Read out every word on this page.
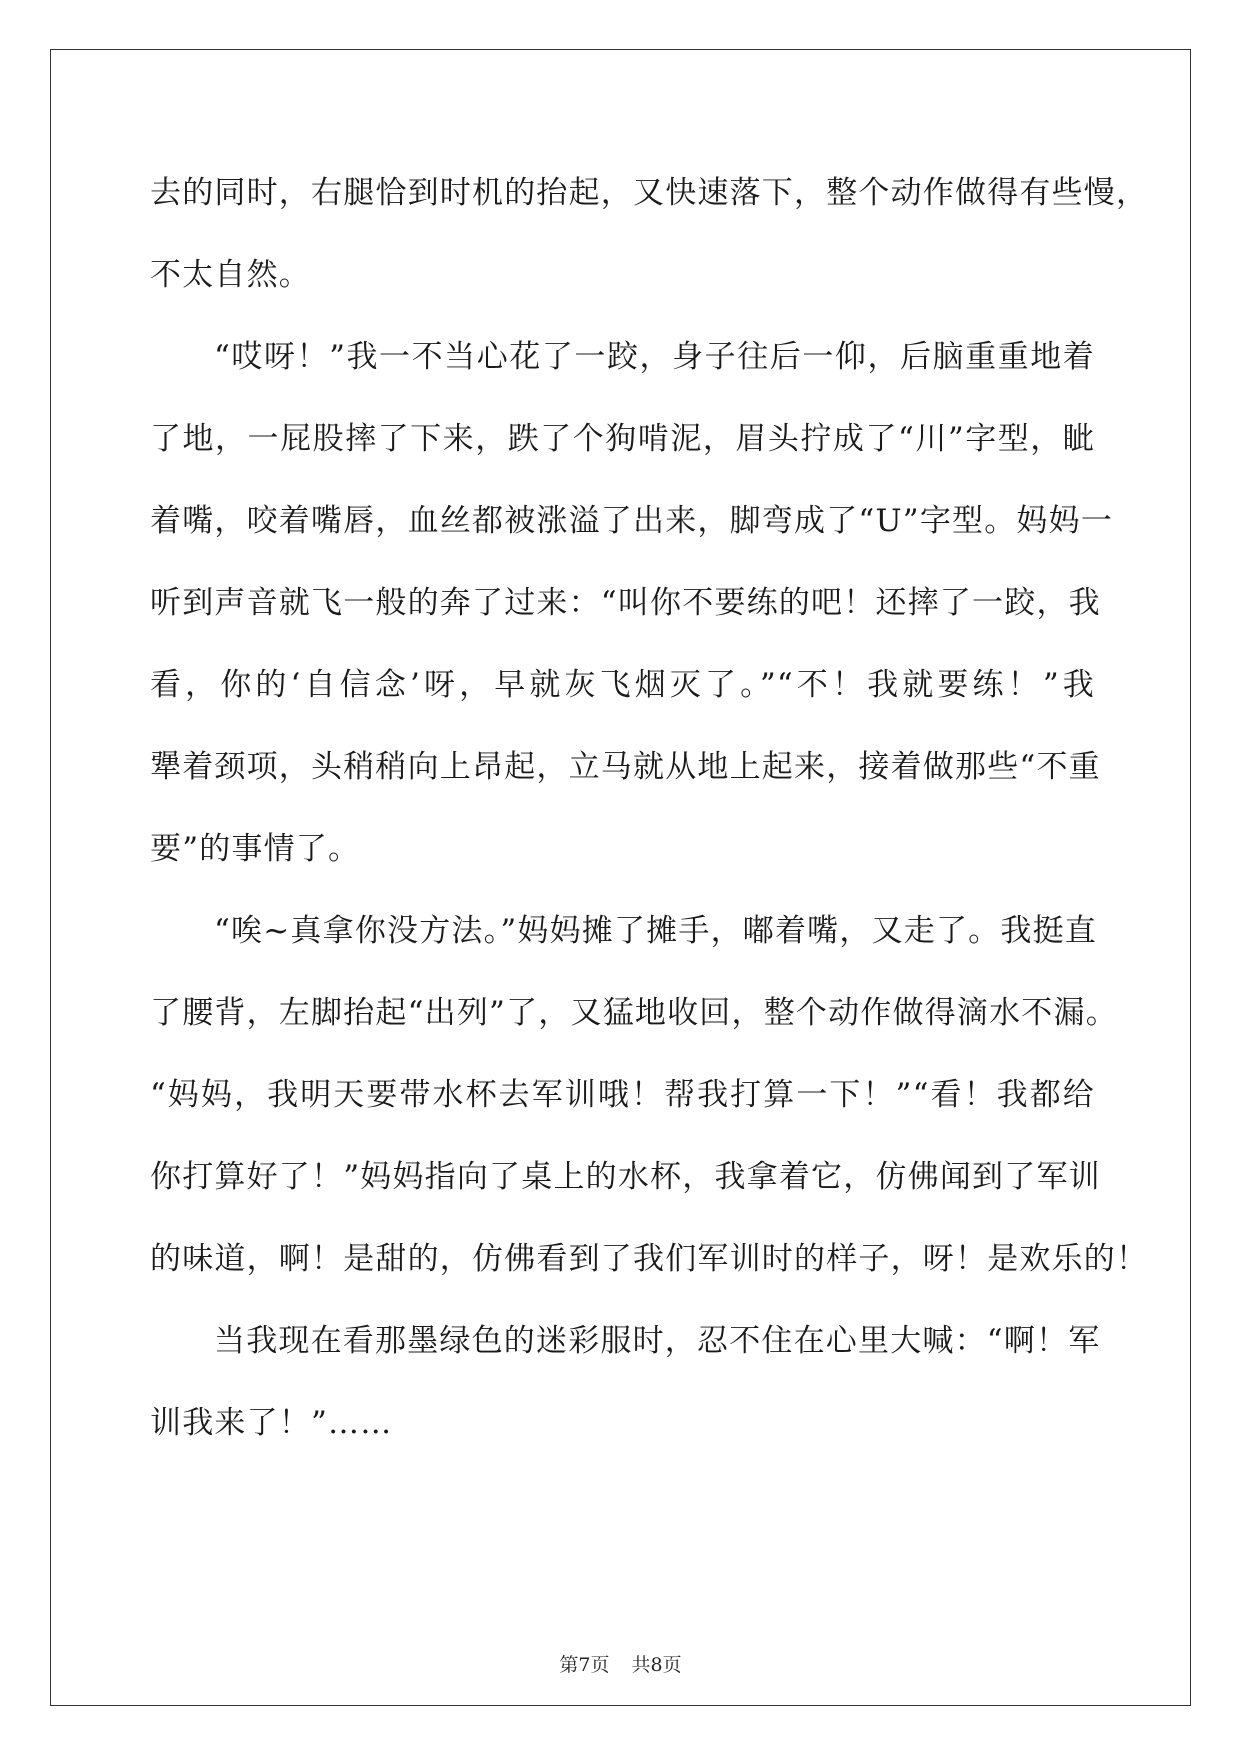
去的同时，右腿恰到时机的抬起，又快速落下，整个动作做得有些慢，
不太自然。
“哎呀！”我一不当心花了一跤，身子往后一仰，后脑重重地着
了地，一屁股摔了下来，跌了个狗啃泥，眉头拧成了“川”字型，眦
着嘴，咬着嘴唇，血丝都被涨溢了出来，脚弯成了“U”字型。妈妈一
听到声音就飞一般的奔了过来：“叫你不要练的吧！还摔了一跤，我
看，你的‘自信念’呀，早就灰飞烟灭了。”“不！我就要练！”我
犟着颈项，头稍稍向上昂起，立马就从地上起来，接着做那些“不重
要”的事情了。
“唉~真拿你没方法。”妈妈摊了摊手，嘟着嘴，又走了。我挺直
了腰背，左脚抬起“出列”了，又猛地收回，整个动作做得滴水不漏。
“妈妈，我明天要带水杯去军训哦！帮我打算一下！”“看！我都给
你打算好了！”妈妈指向了桌上的水杯，我拿着它，仿佛闻到了军训
的味道，啊！是甜的，仿佛看到了我们军训时的样子，呀！是欢乐的！
当我现在看那墨绿色的迷彩服时，忍不住在心里大喊：“啊！军
训我来了！”……
第7页 共8页
